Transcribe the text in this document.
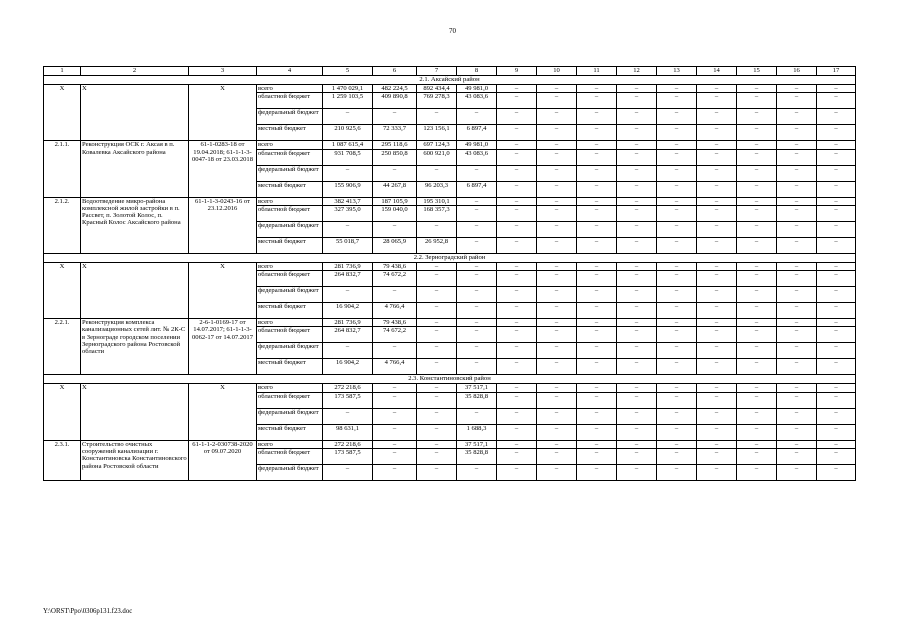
70
1	2	3	4	5	6	7	8	9	10	11	12	13	14	15	16	17
2.1. Аксайский район																
Х	Х	Х	всего	1 470 029,1	482 224,5	892 434,4	49 981,0	–	–	–	–	–	–	–	–	–
			областной бюджет	1 259 103,5	409 890,8	769 278,3	43 083,6	–	–	–	–	–	–	–	–	–
			федеральный бюджет	–	–	–	–	–	–	–	–	–	–	–	–	–
			местный бюджет	210 925,6	72 333,7	123 156,1	6 897,4	–	–	–	–	–	–	–	–	–
2.1.1.	Реконструкция ОСК г. Аксая в п. Ковалевка Аксайского района	61-1-0283-18 от 19.04.2018; 61-1-1-3-0047-18 от 23.03.2018	всего	1 087 615,4	295 118,6	697 124,3	49 981,0	–	–	–	–	–	–	–	–	–
			областной бюджет	931 708,5	250 850,8	600 921,0	43 083,6	–	–	–	–	–	–	–	–	–
			федеральный бюджет	–	–	–	–	–	–	–	–	–	–	–	–	–
			местный бюджет	155 906,9	44 267,8	96 203,3	6 897,4	–	–	–	–	–	–	–	–	–
2.1.2.	Водоотведение микро-района комплексной жилой застройки в п. Рассвет, п. Золотой Колос, п. Красный Колос Аксайского района	61-1-1-3-0243-16 от 23.12.2016	всего	382 413,7	187 105,9	195 310,1	–	–	–	–	–	–	–	–	–	–
			областной бюджет	327 395,0	159 040,0	168 357,3	–	–	–	–	–	–	–	–	–	–
			федеральный бюджет	–	–	–	–	–	–	–	–	–	–	–	–	–
			местный бюджет	55 018,7	28 065,9	26 952,8	–	–	–	–	–	–	–	–	–	–
2.2. Зерноградский район																
Х	Х	Х	всего	281 736,9	79 438,6	–	–	–	–	–	–	–	–	–	–	–
			областной бюджет	264 832,7	74 672,2	–	–	–	–	–	–	–	–	–	–	–
			федеральный бюджет	–	–	–	–	–	–	–	–	–	–	–	–	–
			местный бюджет	16 904,2	4 766,4	–	–	–	–	–	–	–	–	–	–	–
2.2.1.	Реконструкция комплекса канализационных сетей лит. № 2К-С в Зернограде городском поселении Зерноградского района Ростовской области	2-6-1-0169-17 от 14.07.2017; 61-1-1-3-0062-17 от 14.07.2017	всего	281 736,9	79 438,6	–	–	–	–	–	–	–	–	–	–	–
			областной бюджет	264 832,7	74 672,2	–	–	–	–	–	–	–	–	–	–	–
			федеральный бюджет	–	–	–	–	–	–	–	–	–	–	–	–	–
			местный бюджет	16 904,2	4 766,4	–	–	–	–	–	–	–	–	–	–	–
2.3. Константиновский район																
Х	Х	Х	всего	272 218,6	–	–	37 517,1	–	–	–	–	–	–	–	–	–
			областной бюджет	173 587,5	–	–	35 828,8	–	–	–	–	–	–	–	–	–
			федеральный бюджет	–	–	–	–	–	–	–	–	–	–	–	–	–
			местный бюджет	98 631,1	–	–	1 688,3	–	–	–	–	–	–	–	–	–
2.3.1.	Строительство очистных сооружений канализации г. Константиновска Константиновского района Ростовской области	61-1-1-2-030738-2020 от 09.07.2020	всего	272 218,6	–	–	37 517,1	–	–	–	–	–	–	–	–	–
			областной бюджет	173 587,5	–	–	35 828,8	–	–	–	–	–	–	–	–	–
			федеральный бюджет	–	–	–	–	–	–	–	–	–	–	–	–	–
Y:\ORST\Ppo\0306p131.f23.doc
